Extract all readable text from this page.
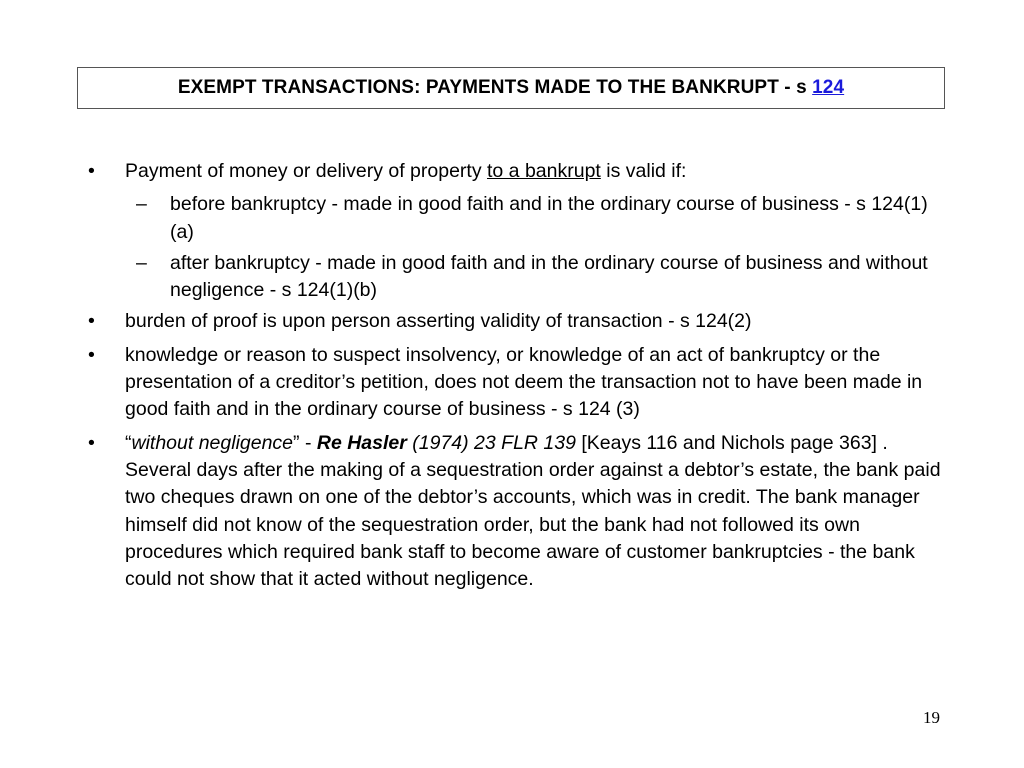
EXEMPT TRANSACTIONS: PAYMENTS MADE TO THE BANKRUPT - s 124
• Payment of money or delivery of property to a bankrupt is valid if:
– before bankruptcy - made in good faith and in the ordinary course of business - s 124(1)(a)
– after bankruptcy - made in good faith and in the ordinary course of business and without negligence - s 124(1)(b)
• burden of proof is upon person asserting validity of transaction - s 124(2)
• knowledge or reason to suspect insolvency, or knowledge of an act of bankruptcy or the presentation of a creditor’s petition, does not deem the transaction not to have been made in good faith and in the ordinary course of business - s 124 (3)
• “without negligence” - Re Hasler (1974) 23 FLR 139 [Keays 116 and Nichols page 363] . Several days after the making of a sequestration order against a debtor’s estate, the bank paid two cheques drawn on one of the debtor’s accounts, which was in credit. The bank manager himself did not know of the sequestration order, but the bank had not followed its own procedures which required bank staff to become aware of customer bankruptcies - the bank could not show that it acted without negligence.
19
